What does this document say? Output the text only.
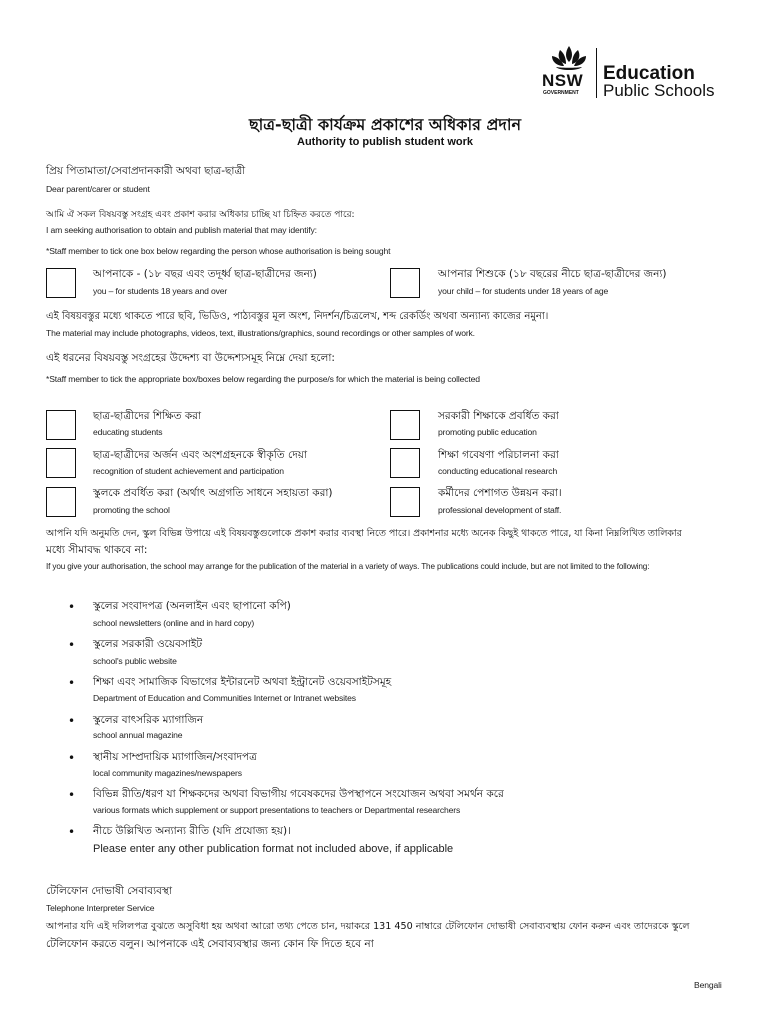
NSW
GOVERNMENT
Education
Public Schools
ছাত্র-ছাত্রী কার্যক্রম প্রকাশের অধিকার প্রদান
Authority to publish student work
প্রিয় পিতামাতা/সেবাপ্রদানকারী অথবা ছাত্র-ছাত্রী
Dear parent/carer or student
আমি ঐ সকল বিষয়বস্তু সংগ্রহ এবং প্রকাশ করার অধিকার চাচ্ছি যা চিহ্নিত করতে পারে:
I am seeking authorisation to obtain and publish material that may identify:
*Staff member to tick one box below regarding the person whose authorisation is being sought
আপনাকে - (১৮ বছর এবং তদূর্ধ্ব ছাত্র-ছাত্রীদের জন্য)
you – for students 18 years and over
আপনার শিশুকে (১৮ বছরের নীচে ছাত্র-ছাত্রীদের জন্য)
your child – for students under 18 years of age
এই বিষয়বস্তুর মধ্যে থাকতে পারে ছবি, ভিডিও, পাঠ্যবস্তুর মূল অংশ, নিদর্শন/চিত্রলেখ, শব্দ রেকর্ডিং অথবা অন্যান্য কাজের নমুনা।
The material may include photographs, videos, text, illustrations/graphics, sound recordings or other samples of work.
এই ধরনের বিষয়বস্তু সংগ্রহের উদ্দেশ্য বা উদ্দেশ্যসমূহ নিম্নে দেয়া হলো:
*Staff member to tick the appropriate box/boxes below regarding the purpose/s for which the material is being collected
ছাত্র-ছাত্রীদের শিক্ষিত করা
educating students
সরকারী শিক্ষাকে প্রবর্ধিত করা
promoting public education
ছাত্র-ছাত্রীদের অর্জন এবং অংশগ্রহনকে স্বীকৃতি দেয়া
recognition of student achievement and participation
শিক্ষা গবেষণা পরিচালনা করা
conducting educational research
স্কুলকে প্রবর্ধিত করা (অর্থাৎ অগ্রগতি সাধনে সহায়তা করা)
promoting the school
কর্মীদের পেশাগত উন্নয়ন করা।
professional development of staff.
আপনি যদি অনুমতি দেন, স্কুল বিভিন্ন উপায়ে এই বিষয়বস্তুগুলোকে প্রকাশ করার ব্যবস্থা নিতে পারে। প্রকাশনার মধ্যে অনেক কিছুই থাকতে পারে, যা কিনা নিম্নলিখিত তালিকার
মধ্যে সীমাবদ্ধ থাকবে না:
If you give your authorisation, the school may arrange for the publication of the material in a variety of ways. The publications could include, but are not limited to the following:
• স্কুলের সংবাদপত্র (অনলাইন এবং ছাপানো কপি)
school newsletters (online and in hard copy)
• স্কুলের সরকারী ওয়েবসাইট
school's public website
• শিক্ষা এবং সামাজিক বিভাগের ইন্টারনেট অথবা ইন্ট্রানেট ওয়েবসাইটসমূহ
Department of Education and Communities Internet or Intranet websites
• স্কুলের বাৎসরিক ম্যাগাজিন
school annual magazine
• স্থানীয় সাম্প্রদায়িক ম্যাগাজিন/সংবাদপত্র
local community magazines/newspapers
• বিভিন্ন রীতি/ধরণ যা শিক্ষকদের অথবা বিভাগীয় গবেষকদের উপস্থাপনে সংযোজন অথবা সমর্থন করে
various formats which supplement or support presentations to teachers or Departmental researchers
• নীচে উল্লিখিত অন্যান্য রীতি (যদি প্রযোজ্য হয়)।
Please enter any other publication format not included above, if applicable
টেলিফোন দোভাষী সেবাব্যবস্থা
Telephone Interpreter Service
আপনার যদি এই দলিলপত্র বুঝতে অসুবিধা হয় অথবা আরো তথ্য পেতে চান, দয়াকরে 131 450 নাম্বারে টেলিফোন দোভাষী সেবাব্যবস্থায় ফোন করুন এবং তাদেরকে স্কুলে
টেলিফোন করতে বলুন। আপনাকে এই সেবাব্যবস্থার জন্য কোন ফি দিতে হবে না
Bengali
